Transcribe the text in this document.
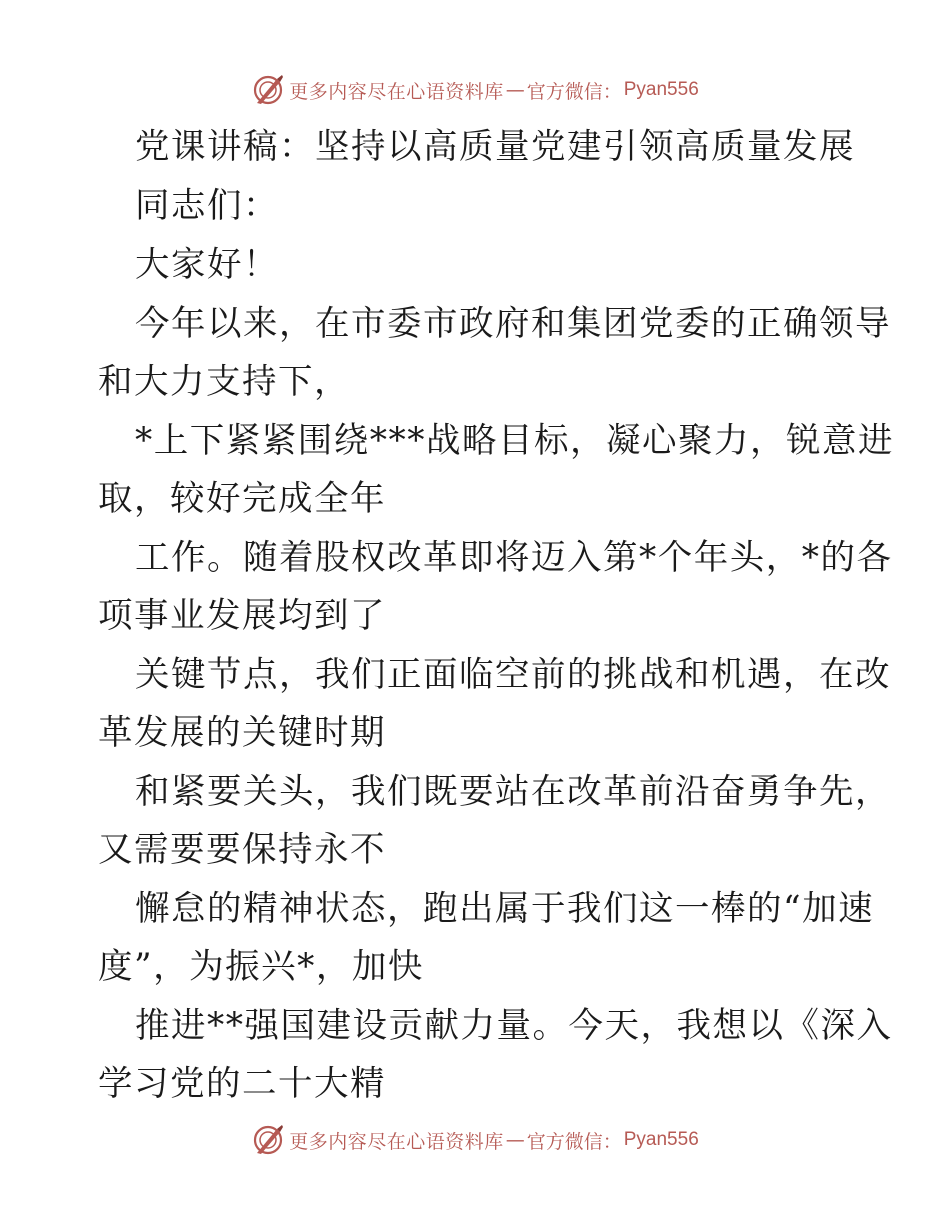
更多内容尽在心语资料库 — 官方微信： Pyan556
党课讲稿：坚持以高质量党建引领高质量发展
同志们：
大家好！
今年以来，在市委市政府和集团党委的正确领导
和大力支持下，
*上下紧紧围绕***战略目标，凝心聚力，锐意进
取，较好完成全年
工作。随着股权改革即将迈入第*个年头，*的各
项事业发展均到了
关键节点，我们正面临空前的挑战和机遇，在改
革发展的关键时期
和紧要关头，我们既要站在改革前沿奋勇争先，
又需要要保持永不
懈怠的精神状态，跑出属于我们这一棒的“加速
度”，为振兴*，加快
推进**强国建设贡献力量。今天，我想以《深入
学习党的二十大精
更多内容尽在心语资料库 — 官方微信： Pyan556
